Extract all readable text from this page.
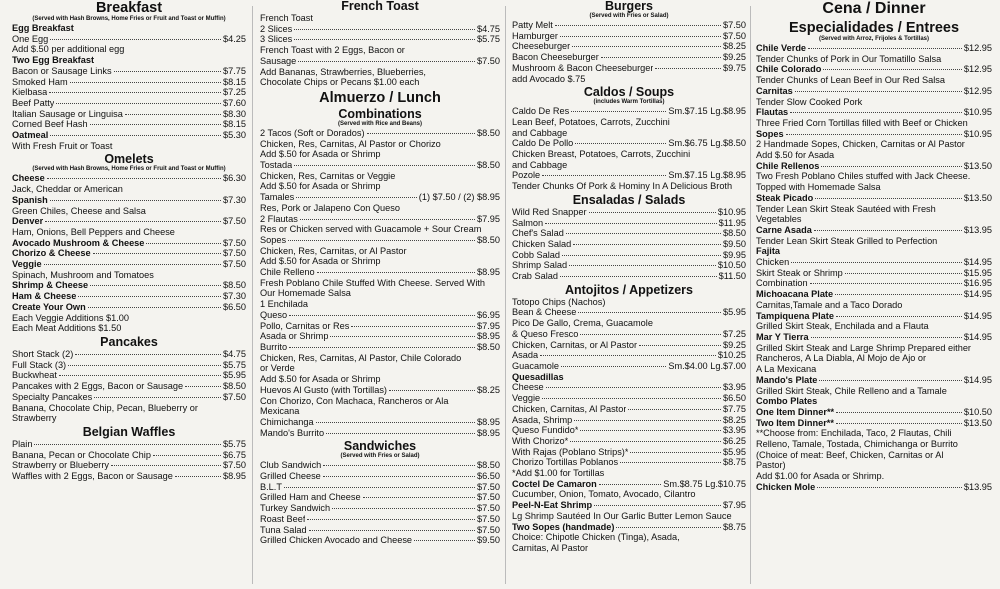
Breakfast
(Served with Hash Browns, Home Fries or Fruit and Toast or Muffin)
Egg Breakfast
One Egg	$4.25
Add $.50 per additional egg
Two Egg Breakfast
Bacon or Sausage Links	$7.75
Smoked Ham	$8.15
Kielbasa	$7.25
Beef Patty	$7.60
Italian Sausage or Linguisa	$8.30
Corned Beef Hash	$8.15
Oatmeal	$5.30
With Fresh Fruit or Toast
Omelets
(Served with Hash Browns, Home Fries or Fruit and Toast or Muffin)
Cheese	$6.30
Jack, Cheddar or American
Spanish	$7.30
Green Chiles, Cheese and Salsa
Denver	$7.50
Ham, Onions, Bell Peppers and Cheese
Avocado Mushroom & Cheese	$7.50
Chorizo & Cheese	$7.50
Veggie	$7.50
Spinach, Mushroom and Tomatoes
Shrimp & Cheese	$8.50
Ham & Cheese	$7.30
Create Your Own	$6.50
Each Veggie Additions $1.00
Each Meat Additions $1.50
Pancakes
Short Stack (2)	$4.75
Full Stack (3)	$5.75
Buckwheat	$5.95
Pancakes with 2 Eggs, Bacon or Sausage	$8.50
Specialty Pancakes	$7.50
Banana, Chocolate Chip, Pecan, Blueberry or
Strawberry
Belgian Waffles
Plain	$5.75
Banana, Pecan or Chocolate Chip	$6.75
Strawberry or Blueberry	$7.50
Waffles with 2 Eggs, Bacon or Sausage	$8.95
French Toast
French Toast
2 Slices	$4.75
3 Slices	$5.75
French Toast with 2 Eggs, Bacon or
Sausage	$7.50
Add Bananas, Strawberries, Blueberries,
Chocolate Chips or Pecans $1.00 each
Almuerzo / Lunch
Combinations
(Served with Rice and Beans)
2 Tacos (Soft or Dorados)	$8.50
Chicken, Res, Carnitas, Al Pastor or Chorizo
Add $.50 for Asada or Shrimp
Tostada	$8.50
Chicken, Res, Carnitas or Veggie
Add $.50 for Asada or Shrimp
Tamales	(1) $7.50 / (2) $8.95
Res, Pork or Jalapeno Con Queso
2 Flautas	$7.95
Res or Chicken served with Guacamole + Sour Cream
Sopes	$8.50
Chicken, Res, Carnitas, or Al Pastor
Add $.50 for Asada or Shrimp
Chile Relleno	$8.95
Fresh Poblano Chile Stuffed With Cheese. Served With
Our Homemade Salsa
1 Enchilada
Queso	$6.95
Pollo, Carnitas or Res	$7.95
Asada or Shrimp	$8.95
Burrito	$8.50
Chicken, Res, Carnitas, Al Pastor, Chile Colorado
or Verde
Add $.50 for Asada or Shrimp
Huevos Al Gusto (with Tortillas)	$8.25
Con Chorizo, Con Machaca, Rancheros or Ala
Mexicana
Chimichanga	$8.95
Mando's Burrito	$8.95
Sandwiches
(Served with Fries or Salad)
Club Sandwich	$8.50
Grilled Cheese	$6.50
B.L.T	$7.50
Grilled Ham and Cheese	$7.50
Turkey Sandwich	$7.50
Roast Beef	$7.50
Tuna Salad	$7.50
Grilled Chicken Avocado and Cheese	$9.50
Burgers
(Served with Fries or Salad)
Patty Melt	$7.50
Hamburger	$7.50
Cheeseburger	$8.25
Bacon Cheeseburger	$9.25
Mushroom & Bacon Cheeseburger	$9.75
add Avocado $.75
Caldos / Soups
(includes Warm Tortillas)
Caldo De Res	Sm.$7.15 Lg.$8.95
Lean Beef, Potatoes, Carrots, Zucchini
and Cabbage
Caldo De Pollo	Sm.$6.75 Lg.$8.50
Chicken Breast, Potatoes, Carrots, Zucchini
and Cabbage
Pozole	Sm.$7.15 Lg.$8.95
Tender Chunks Of Pork & Hominy In A Delicious Broth
Ensaladas / Salads
Wild Red Snapper	$10.95
Salmon	$11.95
Chef's Salad	$8.50
Chicken Salad	$9.50
Cobb Salad	$9.95
Shrimp Salad	$10.50
Crab Salad	$11.50
Antojitos / Appetizers
Totopo Chips (Nachos)
Bean & Cheese	$5.95
Pico De Gallo, Crema, Guacamole
& Queso Fresco	$7.25
Chicken, Carnitas, or Al Pastor	$9.25
Asada	$10.25
Guacamole	Sm.$4.00 Lg.$7.00
Quesadillas
Cheese	$3.95
Veggie	$6.50
Chicken, Carnitas, Al Pastor	$7.75
Asada, Shrimp	$8.25
Queso Fundido*	$3.95
With Chorizo*	$6.25
With Rajas (Poblano Strips)*	$5.95
Chorizo Tortillas Poblanos	$8.75
*Add $1.00 for Tortillas
Coctel De Camaron	Sm.$8.75 Lg.$10.75
Cucumber, Onion, Tomato, Avocado, Cilantro
Peel-N-Eat Shrimp	$7.95
Lg Shrimp Sautéed In Our Garlic Butter Lemon Sauce
Two Sopes (handmade)	$8.75
Choice: Chipotle Chicken (Tinga), Asada,
Carnitas, Al Pastor
Cena / Dinner
Especialidades / Entrees
(Served with Arroz, Frijoles & Tortillas)
Chile Verde	$12.95
Tender Chunks of Pork in Our Tomatillo Salsa
Chile Colorado	$12.95
Tender Chunks of Lean Beef in Our Red Salsa
Carnitas	$12.95
Tender Slow Cooked Pork
Flautas	$10.95
Three Fried Corn Tortillas filled with Beef or Chicken
Sopes	$10.95
2 Handmade Sopes, Chicken, Carnitas or Al Pastor
Add $.50 for Asada
Chile Rellenos	$13.50
Two Fresh Poblano Chiles stuffed with Jack Cheese.
Topped with Homemade Salsa
Steak Picado	$13.50
Tender Lean Skirt Steak Sautéed with Fresh
Vegetables
Carne Asada	$13.95
Tender Lean Skirt Steak Grilled to Perfection
Fajita
Chicken	$14.95
Skirt Steak or Shrimp	$15.95
Combination	$16.95
Michoacana Plate	$14.95
Carnitas,Tamale and a Taco Dorado
Tampiquena Plate	$14.95
Grilled Skirt Steak, Enchilada and a Flauta
Mar Y Tierra	$14.95
Grilled Skirt Steak and Large Shrimp Prepared either
Rancheros, A La Diabla, Al Mojo de Ajo or
A La Mexicana
Mando's Plate	$14.95
Grilled Skirt Steak, Chile Relleno and a Tamale
Combo Plates
One Item Dinner**	$10.50
Two Item Dinner**	$13.50
**Choose from: Enchilada, Taco, 2 Flautas, Chili
Relleno, Tamale, Tostada, Chimichanga or Burrito
(Choice of meat: Beef, Chicken, Carnitas or Al
Pastor)
Add $1.00 for Asada or Shrimp.
Chicken Mole	$13.95
